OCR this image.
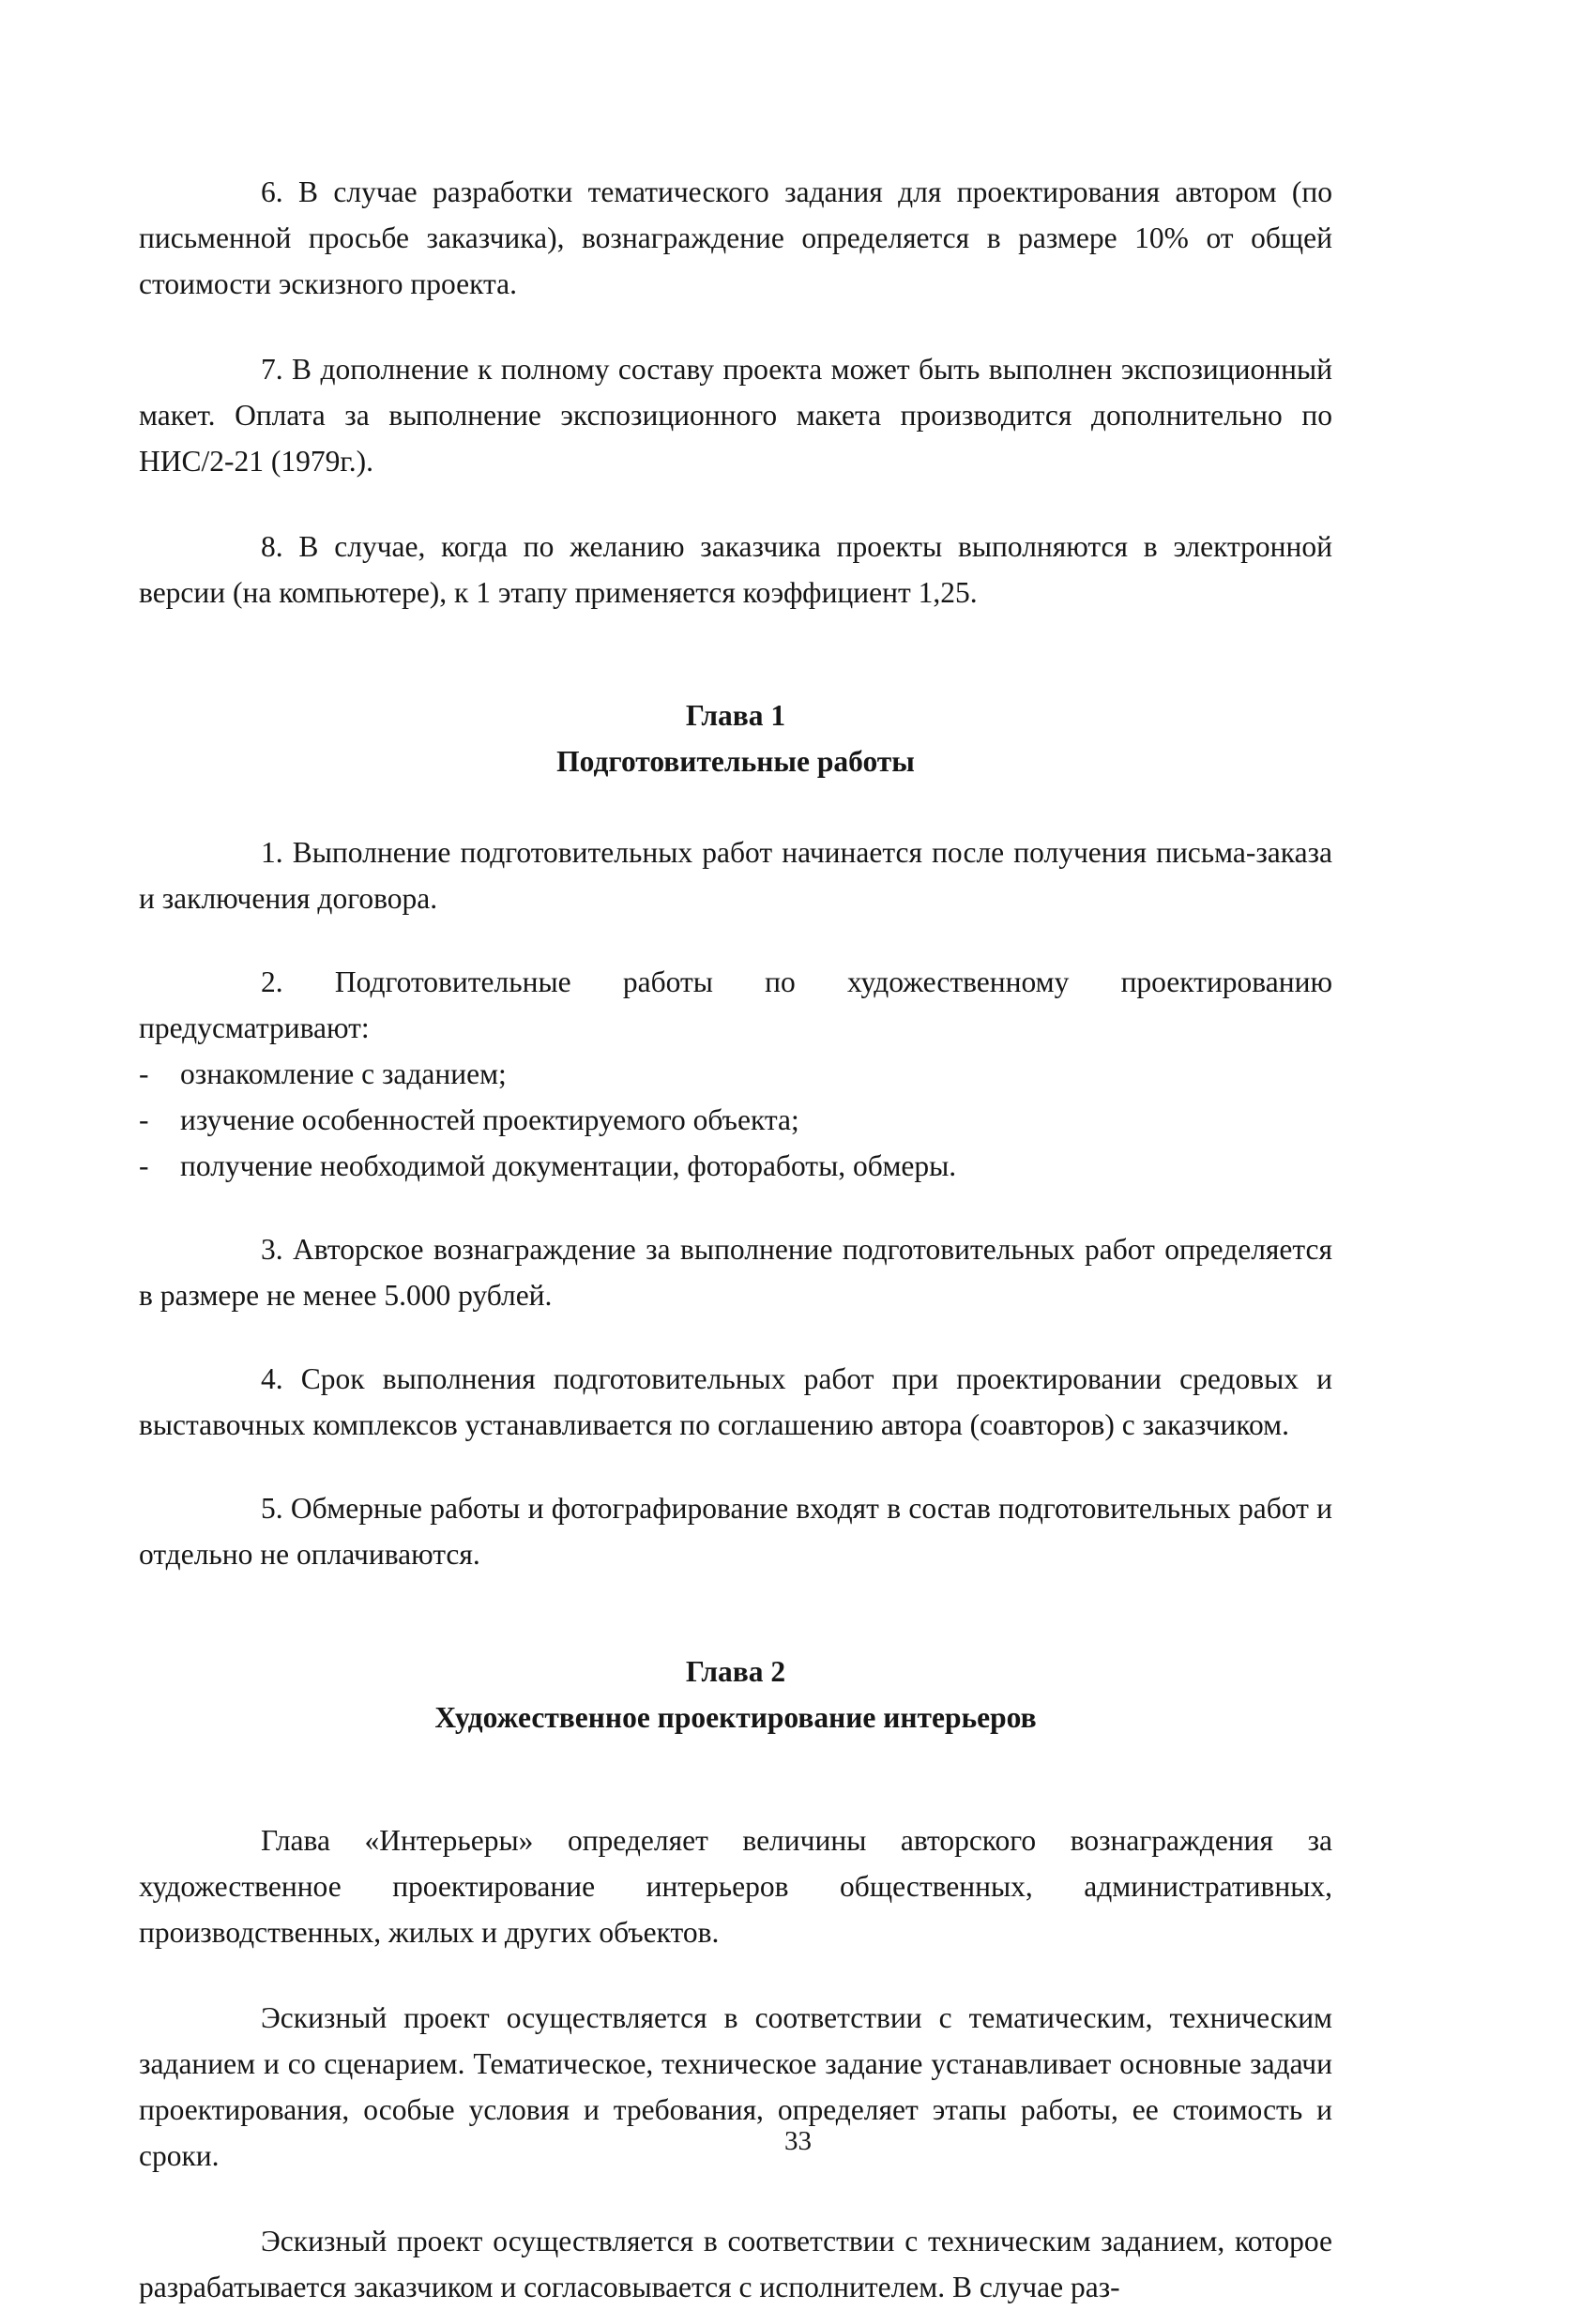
6. В случае разработки тематического задания для проектирования автором (по письменной просьбе заказчика), вознаграждение определяется в размере 10% от общей стоимости эскизного проекта.

7. В дополнение к полному составу проекта может быть выполнен экспозиционный макет. Оплата за выполнение экспозиционного макета производится дополнительно по НИС/2-21 (1979г.).

8. В случае, когда по желанию заказчика проекты выполняются в электронной версии (на компьютере), к 1 этапу применяется коэффициент 1,25.

Глава 1
Подготовительные работы

1. Выполнение подготовительных работ начинается после получения письма-заказа и заключения договора.

2. Подготовительные работы по художественному проектированию предусматривают:

- ознакомление с заданием;
- изучение особенностей проектируемого объекта;
- получение необходимой документации, фотоработы, обмеры.

3. Авторское вознаграждение за выполнение подготовительных работ определяется в размере не менее 5.000 рублей.

4. Срок выполнения подготовительных работ при проектировании средовых и выставочных комплексов устанавливается по соглашению автора (соавторов) с заказчиком.

5. Обмерные работы и фотографирование входят в состав подготовительных работ и отдельно не оплачиваются.

Глава 2
Художественное проектирование интерьеров

Глава «Интерьеры» определяет величины авторского вознаграждения за художественное проектирование интерьеров общественных, административных, производственных, жилых и других объектов.

Эскизный проект осуществляется в соответствии с тематическим, техническим заданием и со сценарием. Тематическое, техническое задание устанавливает основные задачи проектирования, особые условия и требования, определяет этапы работы, ее стоимость и сроки.

Эскизный проект осуществляется в соответствии с техническим заданием, которое разрабатывается заказчиком и согласовывается с исполнителем. В случае раз-

33
